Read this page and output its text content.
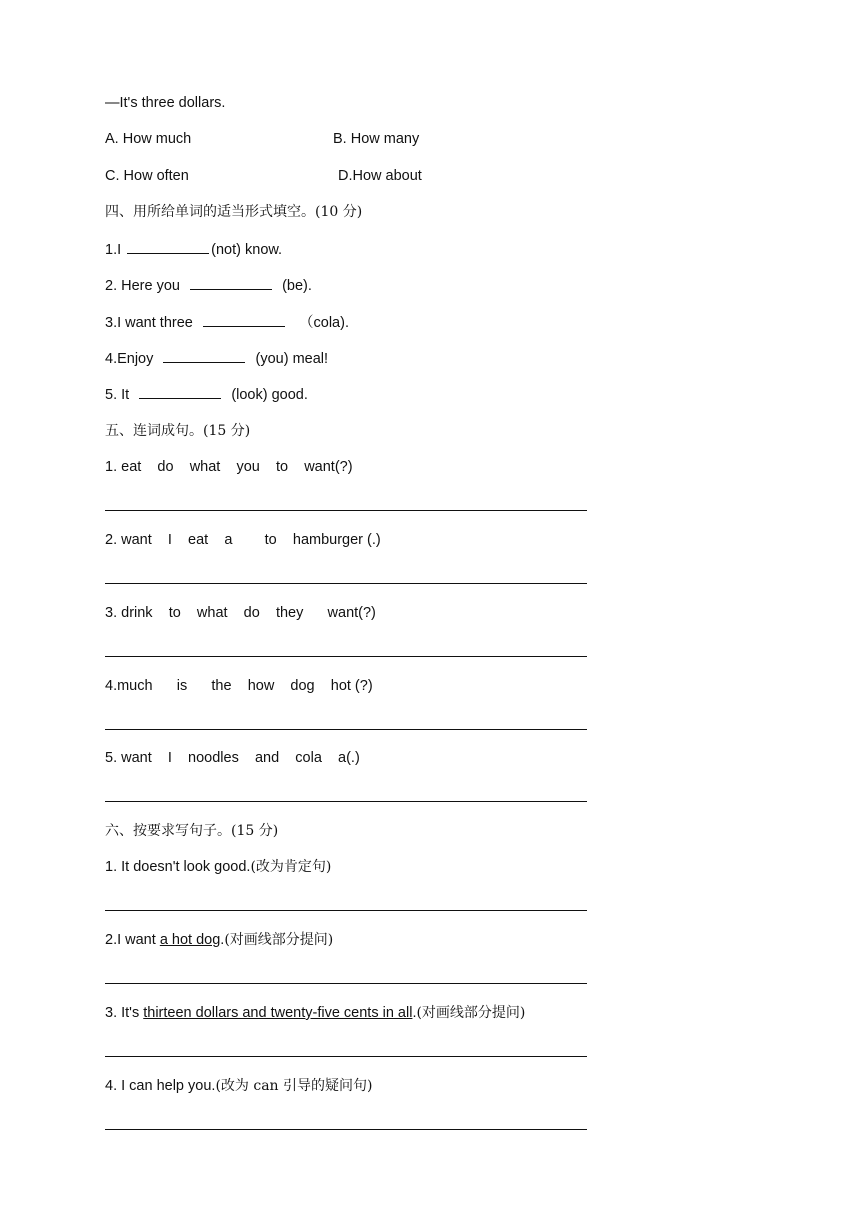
—It's three dollars.
A. How much	B. How many
C. How often	D.How about
四、用所给单词的适当形式填空。(10 分)
1.I	(not) know.
2. Here you	(be).
3.I want three	（cola).
4.Enjoy	(you) meal!
5. It	(look) good.
五、连词成句。(15 分)
1. eat do what you to want(?)
2. want I eat a to hamburger (.)
3. drink to what do they want(?)
4.much is the how dog hot (?)
5. want I noodles and cola a(.)
六、按要求写句子。(15 分)
1. It doesn't look good.(改为肯定句)
2.I want a hot dog.(对画线部分提问)
3. It's thirteen dollars and twenty-five cents in all.(对画线部分提问)
4. I can help you.(改为 can 引导的疑问句)
